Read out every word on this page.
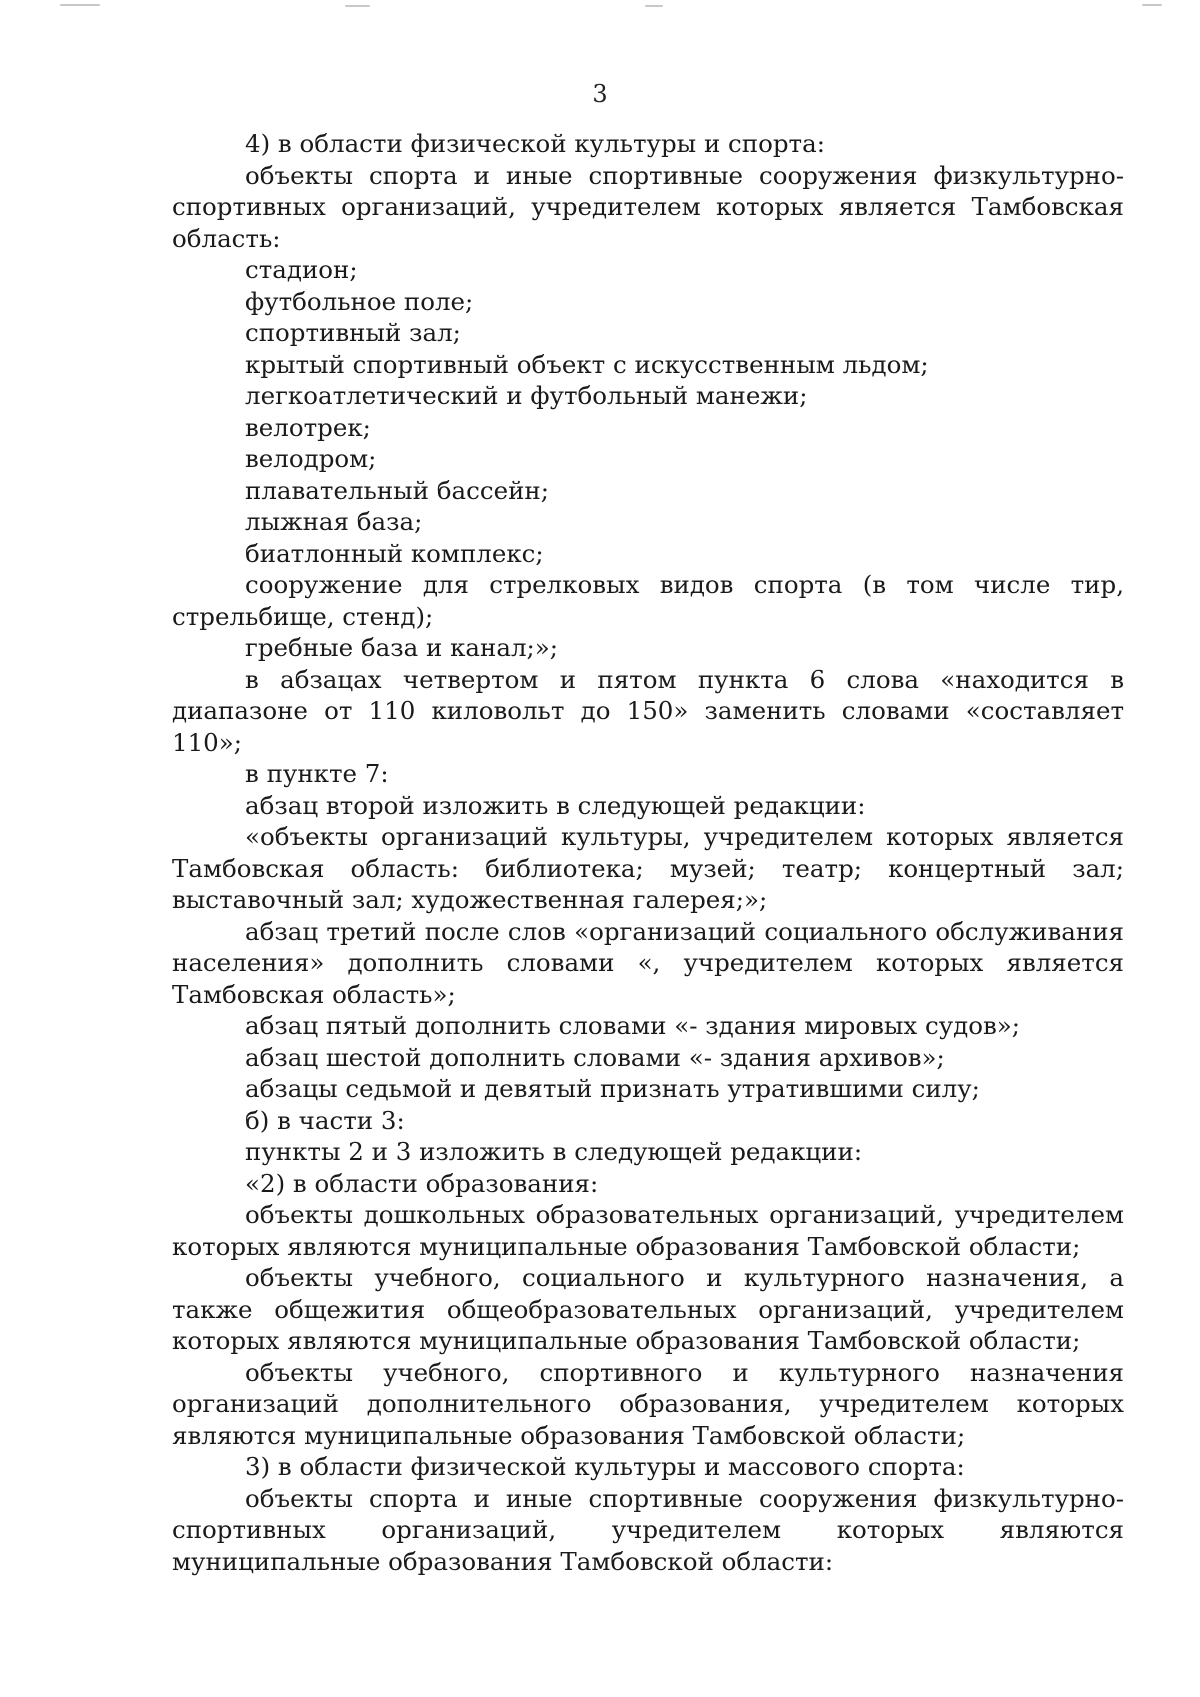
3

4) в области физической культуры и спорта:

объекты спорта и иные спортивные сооружения физкультурно-спортивных организаций, учредителем которых является Тамбовская область:

стадион;

футбольное поле;

спортивный зал;

крытый спортивный объект с искусственным льдом;

легкоатлетический и футбольный манежи;

велотрек;

велодром;

плавательный бассейн;

лыжная база;

биатлонный комплекс;

сооружение для стрелковых видов спорта (в том числе тир, стрельбище, стенд);

гребные база и канал;»;

в абзацах четвертом и пятом пункта 6 слова «находится в диапазоне от 110 киловольт до 150» заменить словами «составляет 110»;

в пункте 7:

абзац второй изложить в следующей редакции:

«объекты организаций культуры, учредителем которых является Тамбовская область: библиотека; музей; театр; концертный зал; выставочный зал; художественная галерея;»;

абзац третий после слов «организаций социального обслуживания населения» дополнить словами «, учредителем которых является Тамбовская область»;

абзац пятый дополнить словами «- здания мировых судов»;

абзац шестой дополнить словами «- здания архивов»;

абзацы седьмой и девятый признать утратившими силу;

б) в части 3:

пункты 2 и 3 изложить в следующей редакции:

«2) в области образования:

объекты дошкольных образовательных организаций, учредителем которых являются муниципальные образования Тамбовской области;

объекты учебного, социального и культурного назначения, а также общежития общеобразовательных организаций, учредителем которых являются муниципальные образования Тамбовской области;

объекты учебного, спортивного и культурного назначения организаций дополнительного образования, учредителем которых являются муниципальные образования Тамбовской области;

3) в области физической культуры и массового спорта:

объекты спорта и иные спортивные сооружения физкультурно-спортивных организаций, учредителем которых являются муниципальные образования Тамбовской области:
